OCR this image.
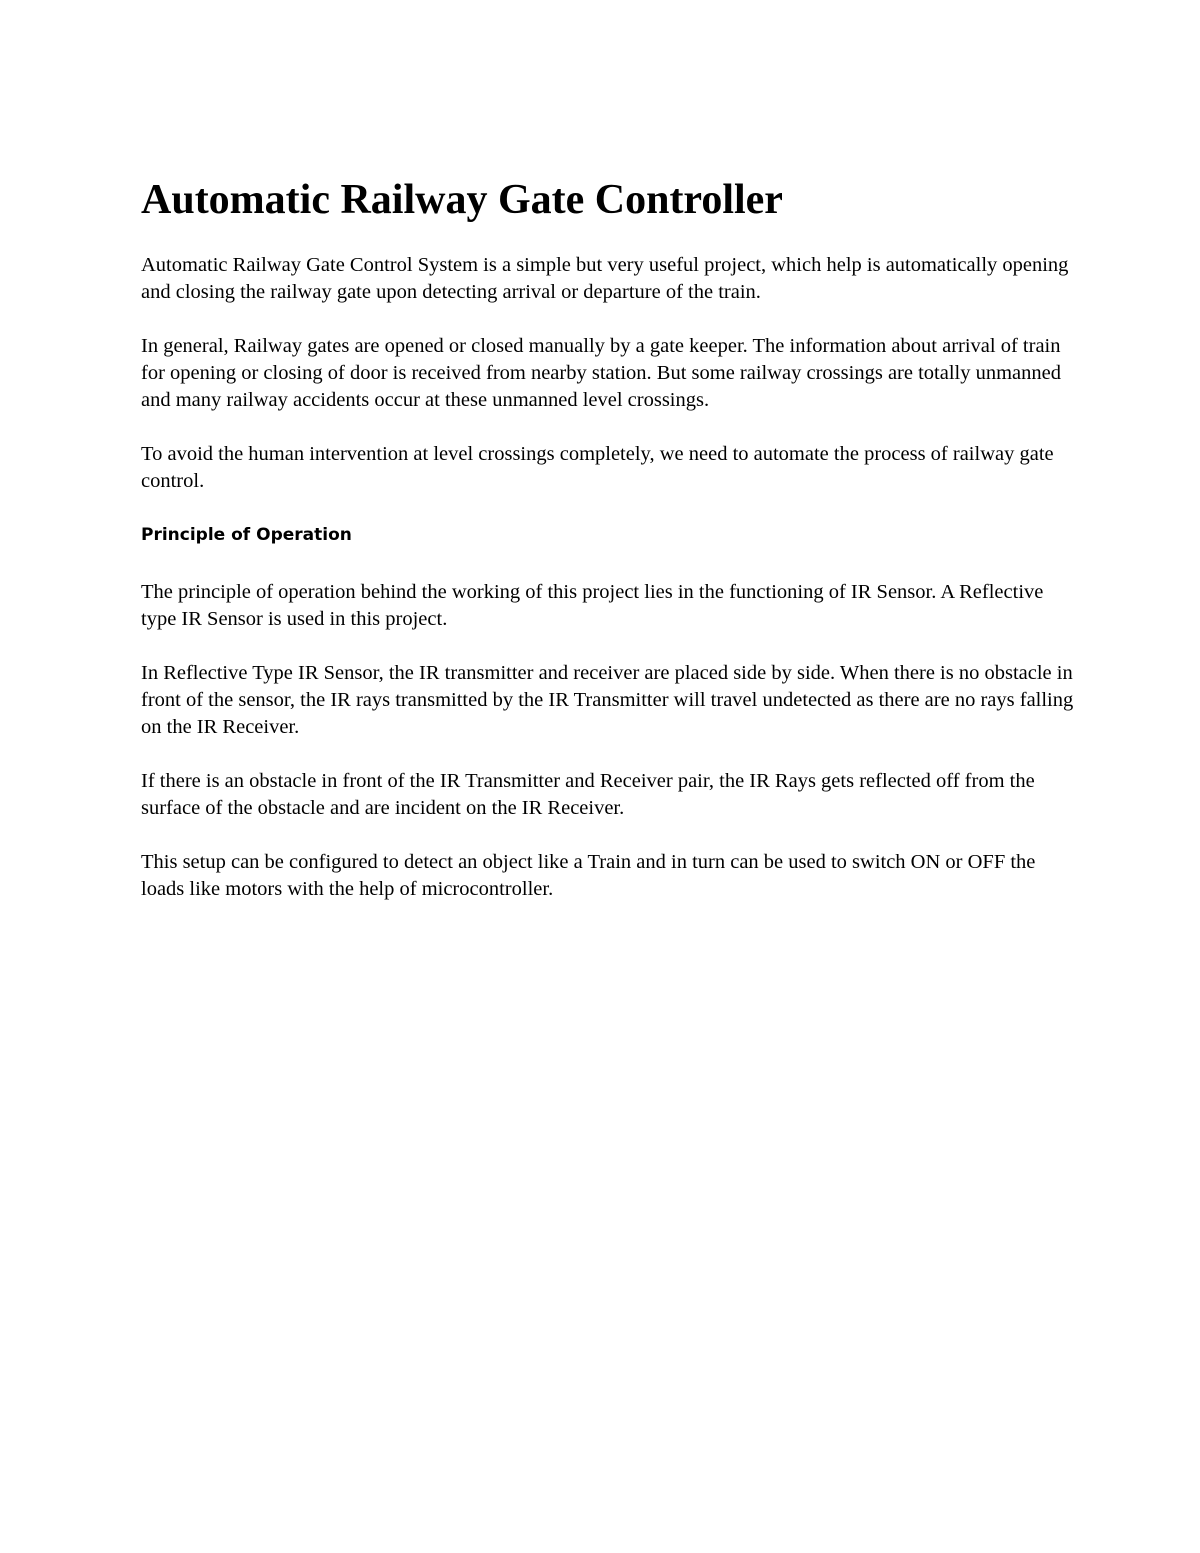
Automatic Railway Gate Controller

Automatic Railway Gate Control System is a simple but very useful project, which help is automatically opening and closing the railway gate upon detecting arrival or departure of the train.

In general, Railway gates are opened or closed manually by a gate keeper. The information about arrival of train for opening or closing of door is received from nearby station. But some railway crossings are totally unmanned and many railway accidents occur at these unmanned level crossings.

To avoid the human intervention at level crossings completely, we need to automate the process of railway gate control.

Principle of Operation

The principle of operation behind the working of this project lies in the functioning of IR Sensor. A Reflective type IR Sensor is used in this project.

In Reflective Type IR Sensor, the IR transmitter and receiver are placed side by side. When there is no obstacle in front of the sensor, the IR rays transmitted by the IR Transmitter will travel undetected as there are no rays falling on the IR Receiver.

If there is an obstacle in front of the IR Transmitter and Receiver pair, the IR Rays gets reflected off from the surface of the obstacle and are incident on the IR Receiver.

This setup can be configured to detect an object like a Train and in turn can be used to switch ON or OFF the loads like motors with the help of microcontroller.
